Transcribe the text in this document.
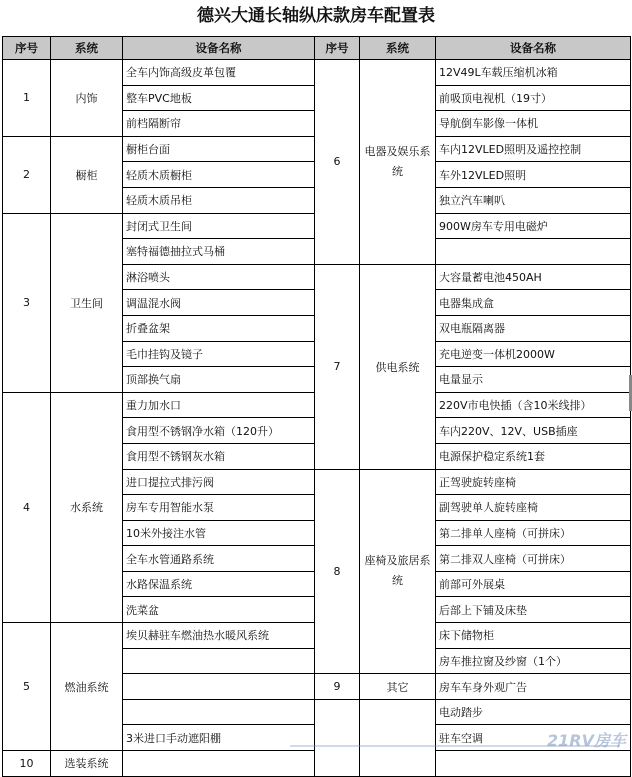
德兴大通长轴纵床款房车配置表
序号	系统	设备名称	序号	系统	设备名称
1	内饰	全车内饰高级皮革包覆	6	电器及娱乐系统	12V49L车载压缩机冰箱
		整车PVC地板			前吸顶电视机（19寸）
		前档隔断帘			导航倒车影像一体机
2	橱柜	橱柜台面			车内12VLED照明及遥控控制
		轻质木质橱柜			车外12VLED照明
		轻质木质吊柜			独立汽车喇叭
3	卫生间	封闭式卫生间			900W房车专用电磁炉
		塞特福德抽拉式马桶			
		淋浴喷头	7	供电系统	大容量蓄电池450AH
		调温混水阀			电器集成盒
		折叠盆架			双电瓶隔离器
		毛巾挂钩及镜子			充电逆变一体机2000W
		顶部换气扇			电量显示
4	水系统	重力加水口			220V市电快插（含10米线排）
		食用型不锈钢净水箱（120升）			车内220V、12V、USB插座
		食用型不锈钢灰水箱			电源保护稳定系统1套
		进口提拉式排污阀	8	座椅及旅居系统	正驾驶旋转座椅
		房车专用智能水泵			副驾驶单人旋转座椅
		10米外接注水管			第二排单人座椅（可拼床）
		全车水管通路系统			第二排双人座椅（可拼床）
		水路保温系统			前部可外展桌
		洗菜盆			后部上下铺及床垫
5	燃油系统	埃贝赫驻车燃油热水暖风系统			床下储物柜
					房车推拉窗及纱窗（1个）
			9	其它	房车车身外观广告
					电动踏步
		3米进口手动遮阳棚			驻车空调
10	选装系统				
21RV房车
